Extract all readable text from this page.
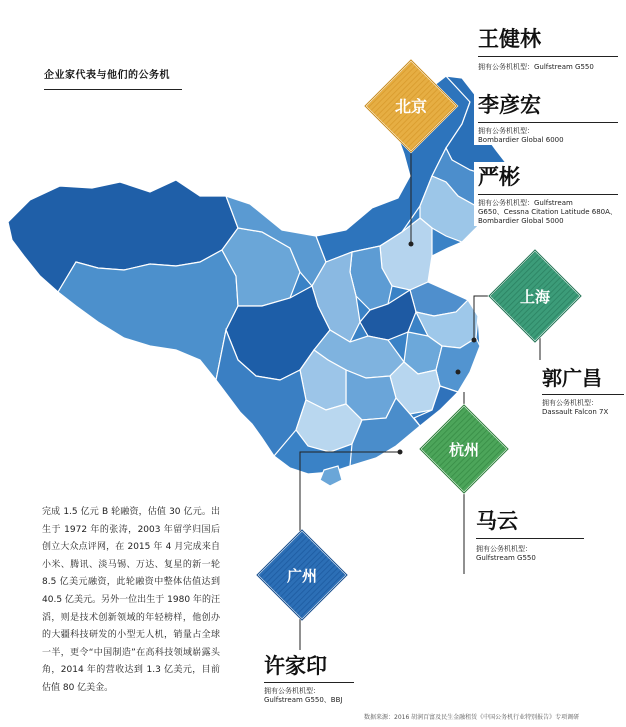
企业家代表与他们的公务机
北京
上海
杭州
广州
王健林
拥有公务机机型：Gulfstream G550
李彦宏
拥有公务机机型：
Bombardier Global 6000
严彬
拥有公务机机型：Gulfstream
G650、Cessna Citation Latitude 680A、Bombardier Global 5000
郭广昌
拥有公务机机型：
Dassault Falcon 7X
马云
拥有公务机机型：
Gulfstream G550
许家印
拥有公务机机型：
Gulfstream G550、BBJ
完成 1.5 亿元 B 轮融资，估值 30 亿元。出生于 1972 年的张涛，2003 年留学归国后创立大众点评网，在 2015 年 4 月完成来自小米、腾讯、淡马锡、万达、复星的新一轮 8.5 亿美元融资，此轮融资中整体估值达到 40.5 亿美元。另外一位出生于 1980 年的汪滔，则是技术创新领域的年轻榜样，他创办的大疆科技研发的小型无人机，销量占全球一半，更令“中国制造”在高科技领域崭露头角，2014 年的营收达到 1.3 亿美元，目前估值 80 亿美金。
数据来源：2016 胡润百富及民生金融租赁《中国公务机行业特别报告》专项调研
